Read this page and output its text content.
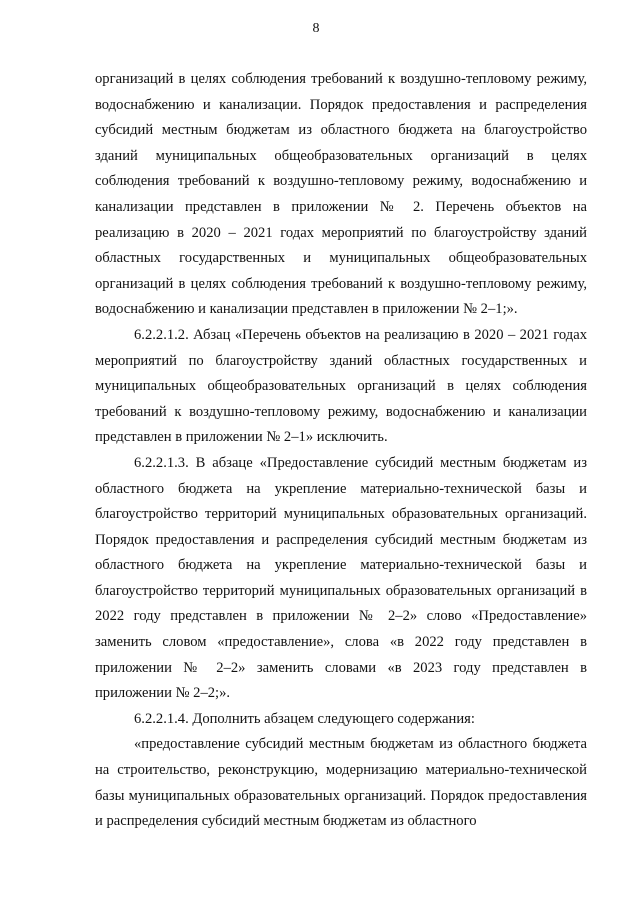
8

организаций в целях соблюдения требований к воздушно-тепловому режиму, водоснабжению и канализации. Порядок предоставления и распределения субсидий местным бюджетам из областного бюджета на благоустройство зданий муниципальных общеобразовательных организаций в целях соблюдения требований к воздушно-тепловому режиму, водоснабжению и канализации представлен в приложении № 2. Перечень объектов на реализацию в 2020 – 2021 годах мероприятий по благоустройству зданий областных государственных и муниципальных общеобразовательных организаций в целях соблюдения требований к воздушно-тепловому режиму, водоснабжению и канализации представлен в приложении № 2–1;».

6.2.2.1.2. Абзац «Перечень объектов на реализацию в 2020 – 2021 годах мероприятий по благоустройству зданий областных государственных и муниципальных общеобразовательных организаций в целях соблюдения требований к воздушно-тепловому режиму, водоснабжению и канализации представлен в приложении № 2–1» исключить.

6.2.2.1.3. В абзаце «Предоставление субсидий местным бюджетам из областного бюджета на укрепление материально-технической базы и благоустройство территорий муниципальных образовательных организаций. Порядок предоставления и распределения субсидий местным бюджетам из областного бюджета на укрепление материально-технической базы и благоустройство территорий муниципальных образовательных организаций в 2022 году представлен в приложении № 2–2» слово «Предоставление» заменить словом «предоставление», слова «в 2022 году представлен в приложении № 2–2» заменить словами «в 2023 году представлен в приложении № 2–2;».

6.2.2.1.4. Дополнить абзацем следующего содержания:

«предоставление субсидий местным бюджетам из областного бюджета на строительство, реконструкцию, модернизацию материально-технической базы муниципальных образовательных организаций. Порядок предоставления и распределения субсидий местным бюджетам из областного
